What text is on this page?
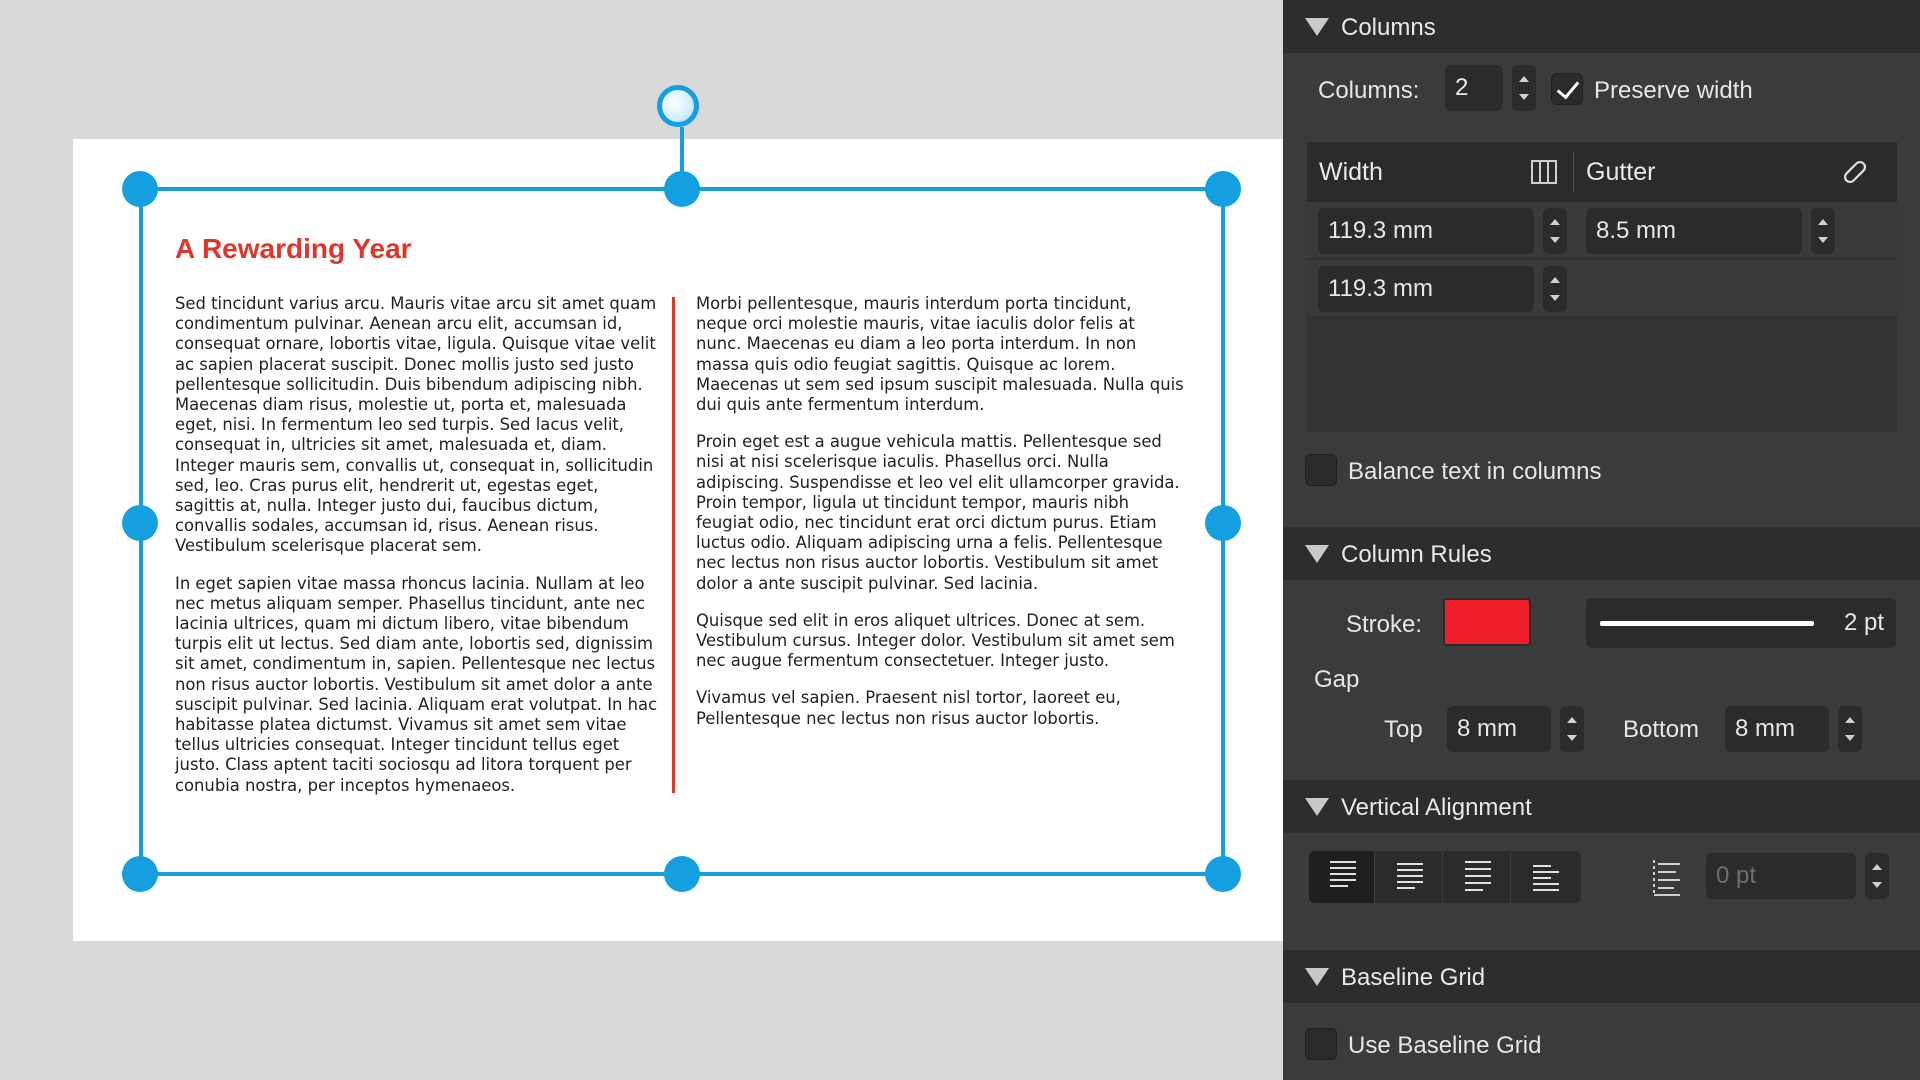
A Rewarding Year

Sed tincidunt varius arcu. Mauris vitae arcu sit amet quam condimentum pulvinar. Aenean arcu elit, accumsan id, consequat ornare, lobortis vitae, ligula. Quisque vitae velit ac sapien placerat suscipit. Donec mollis justo sed justo pellentesque sollicitudin. Duis bibendum adipiscing nibh. Maecenas diam risus, molestie ut, porta et, malesuada eget, nisi. In fermentum leo sed turpis. Sed lacus velit, consequat in, ultricies sit amet, malesuada et, diam. Integer mauris sem, convallis ut, consequat in, sollicitudin sed, leo. Cras purus elit, hendrerit ut, egestas eget, sagittis at, nulla. Integer justo dui, faucibus dictum, convallis sodales, accumsan id, risus. Aenean risus. Vestibulum scelerisque placerat sem.

In eget sapien vitae massa rhoncus lacinia. Nullam at leo nec metus aliquam semper. Phasellus tincidunt, ante nec lacinia ultrices, quam mi dictum libero, vitae bibendum turpis elit ut lectus. Sed diam ante, lobortis sed, dignissim sit amet, condimentum in, sapien. Pellentesque nec lectus non risus auctor lobortis. Vestibulum sit amet dolor a ante suscipit pulvinar. Sed lacinia. Aliquam erat volutpat. In hac habitasse platea dictumst. Vivamus sit amet sem vitae tellus ultricies consequat. Integer tincidunt tellus eget justo. Class aptent taciti sociosqu ad litora torquent per conubia nostra, per inceptos hymenaeos.

Morbi pellentesque, mauris interdum porta tincidunt, neque orci molestie mauris, vitae iaculis dolor felis at nunc. Maecenas eu diam a leo porta interdum. In non massa quis odio feugiat sagittis. Quisque ac lorem. Maecenas ut sem sed ipsum suscipit malesuada. Nulla quis dui quis ante fermentum interdum.

Proin eget est a augue vehicula mattis. Pellentesque sed nisi at nisi scelerisque iaculis. Phasellus orci. Nulla adipiscing. Suspendisse et leo vel elit ullamcorper gravida. Proin tempor, ligula ut tincidunt tempor, mauris nibh feugiat odio, nec tincidunt erat orci dictum purus. Etiam luctus odio. Aliquam adipiscing urna a felis. Pellentesque nec lectus non risus auctor lobortis. Vestibulum sit amet dolor a ante suscipit pulvinar. Sed lacinia.

Quisque sed elit in eros aliquet ultrices. Donec at sem. Vestibulum cursus. Integer dolor. Vestibulum sit amet sem nec augue fermentum consectetuer. Integer justo.

Vivamus vel sapien. Praesent nisl tortor, laoreet eu, Pellentesque nec lectus non risus auctor lobortis.

Columns
Columns:	2	Preserve width
Width	Gutter
119.3 mm	8.5 mm
119.3 mm
Balance text in columns
Column Rules
Stroke:	2 pt
Gap
Top	8 mm	Bottom	8 mm
Vertical Alignment
0 pt
Baseline Grid
Use Baseline Grid
